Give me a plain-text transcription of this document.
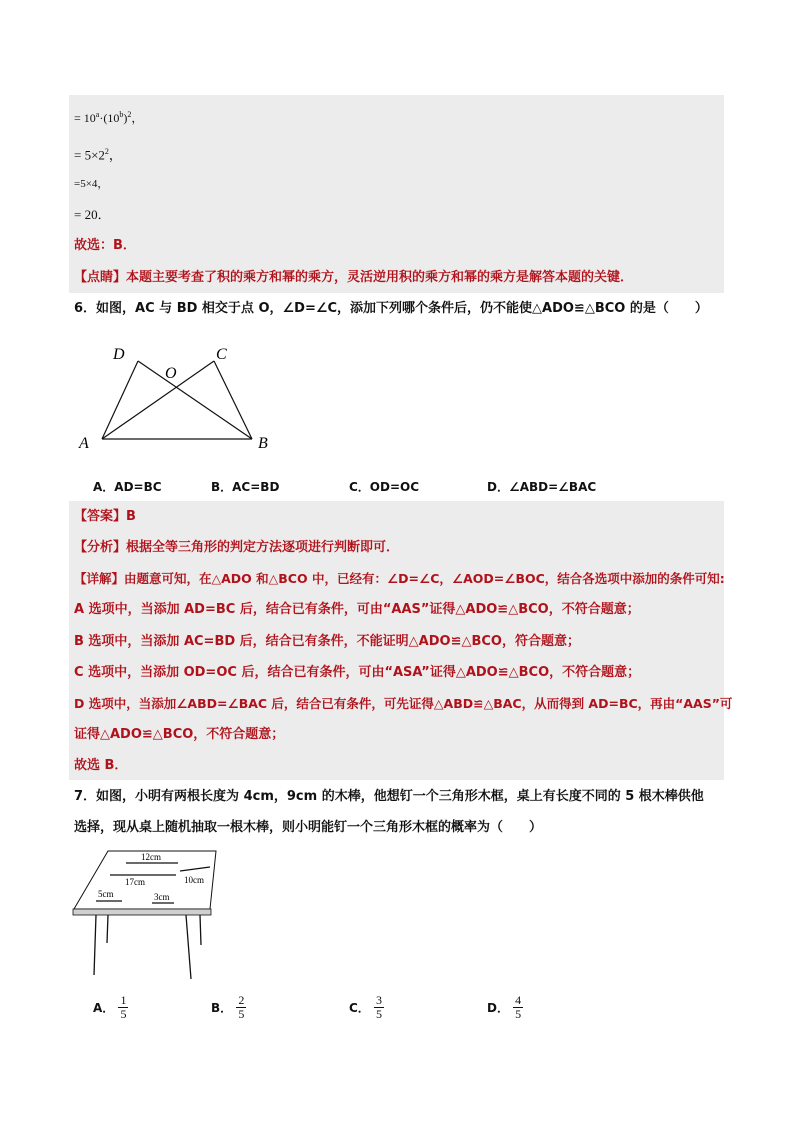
= $10^a\cdot(10^b)^2$，
= $5\times 2^2$，
=5×4，
= 20．
故选：B．
【点睛】本题主要考查了积的乘方和幂的乘方，灵活逆用积的乘方和幂的乘方是解答本题的关键．
6．如图，AC 与 BD 相交于点 O，∠D=∠C，添加下列哪个条件后，仍不能使△ADO≌△BCO 的是（　　）
D	C
O
A	B
A．AD=BC	B．AC=BD	C．OD=OC	D．∠ABD=∠BAC
【答案】B
【分析】根据全等三角形的判定方法逐项进行判断即可．
【详解】由题意可知，在△ADO 和△BCO 中，已经有：∠D=∠C，∠AOD=∠BOC，结合各选项中添加的条件可知:
A 选项中，当添加 AD=BC 后，结合已有条件，可由“AAS”证得△ADO≌△BCO，不符合题意；
B 选项中，当添加 AC=BD 后，结合已有条件，不能证明△ADO≌△BCO，符合题意；
C 选项中，当添加 OD=OC 后，结合已有条件，可由“ASA”证得△ADO≌△BCO，不符合题意；
D 选项中，当添加∠ABD=∠BAC 后，结合已有条件，可先证得△ABD≌△BAC，从而得到 AD=BC，再由“AAS”可
证得△ADO≌△BCO，不符合题意；
故选 B．
7．如图，小明有两根长度为 4cm，9cm 的木棒，他想钉一个三角形木框，桌上有长度不同的 5 根木棒供他
选择，现从桌上随机抽取一根木棒，则小明能钉一个三角形木框的概率为（　　）
12cm
17cm	10cm
5cm	3cm
A． $\frac{1}{5}$	B． $\frac{2}{5}$	C． $\frac{3}{5}$	D． $\frac{4}{5}$
